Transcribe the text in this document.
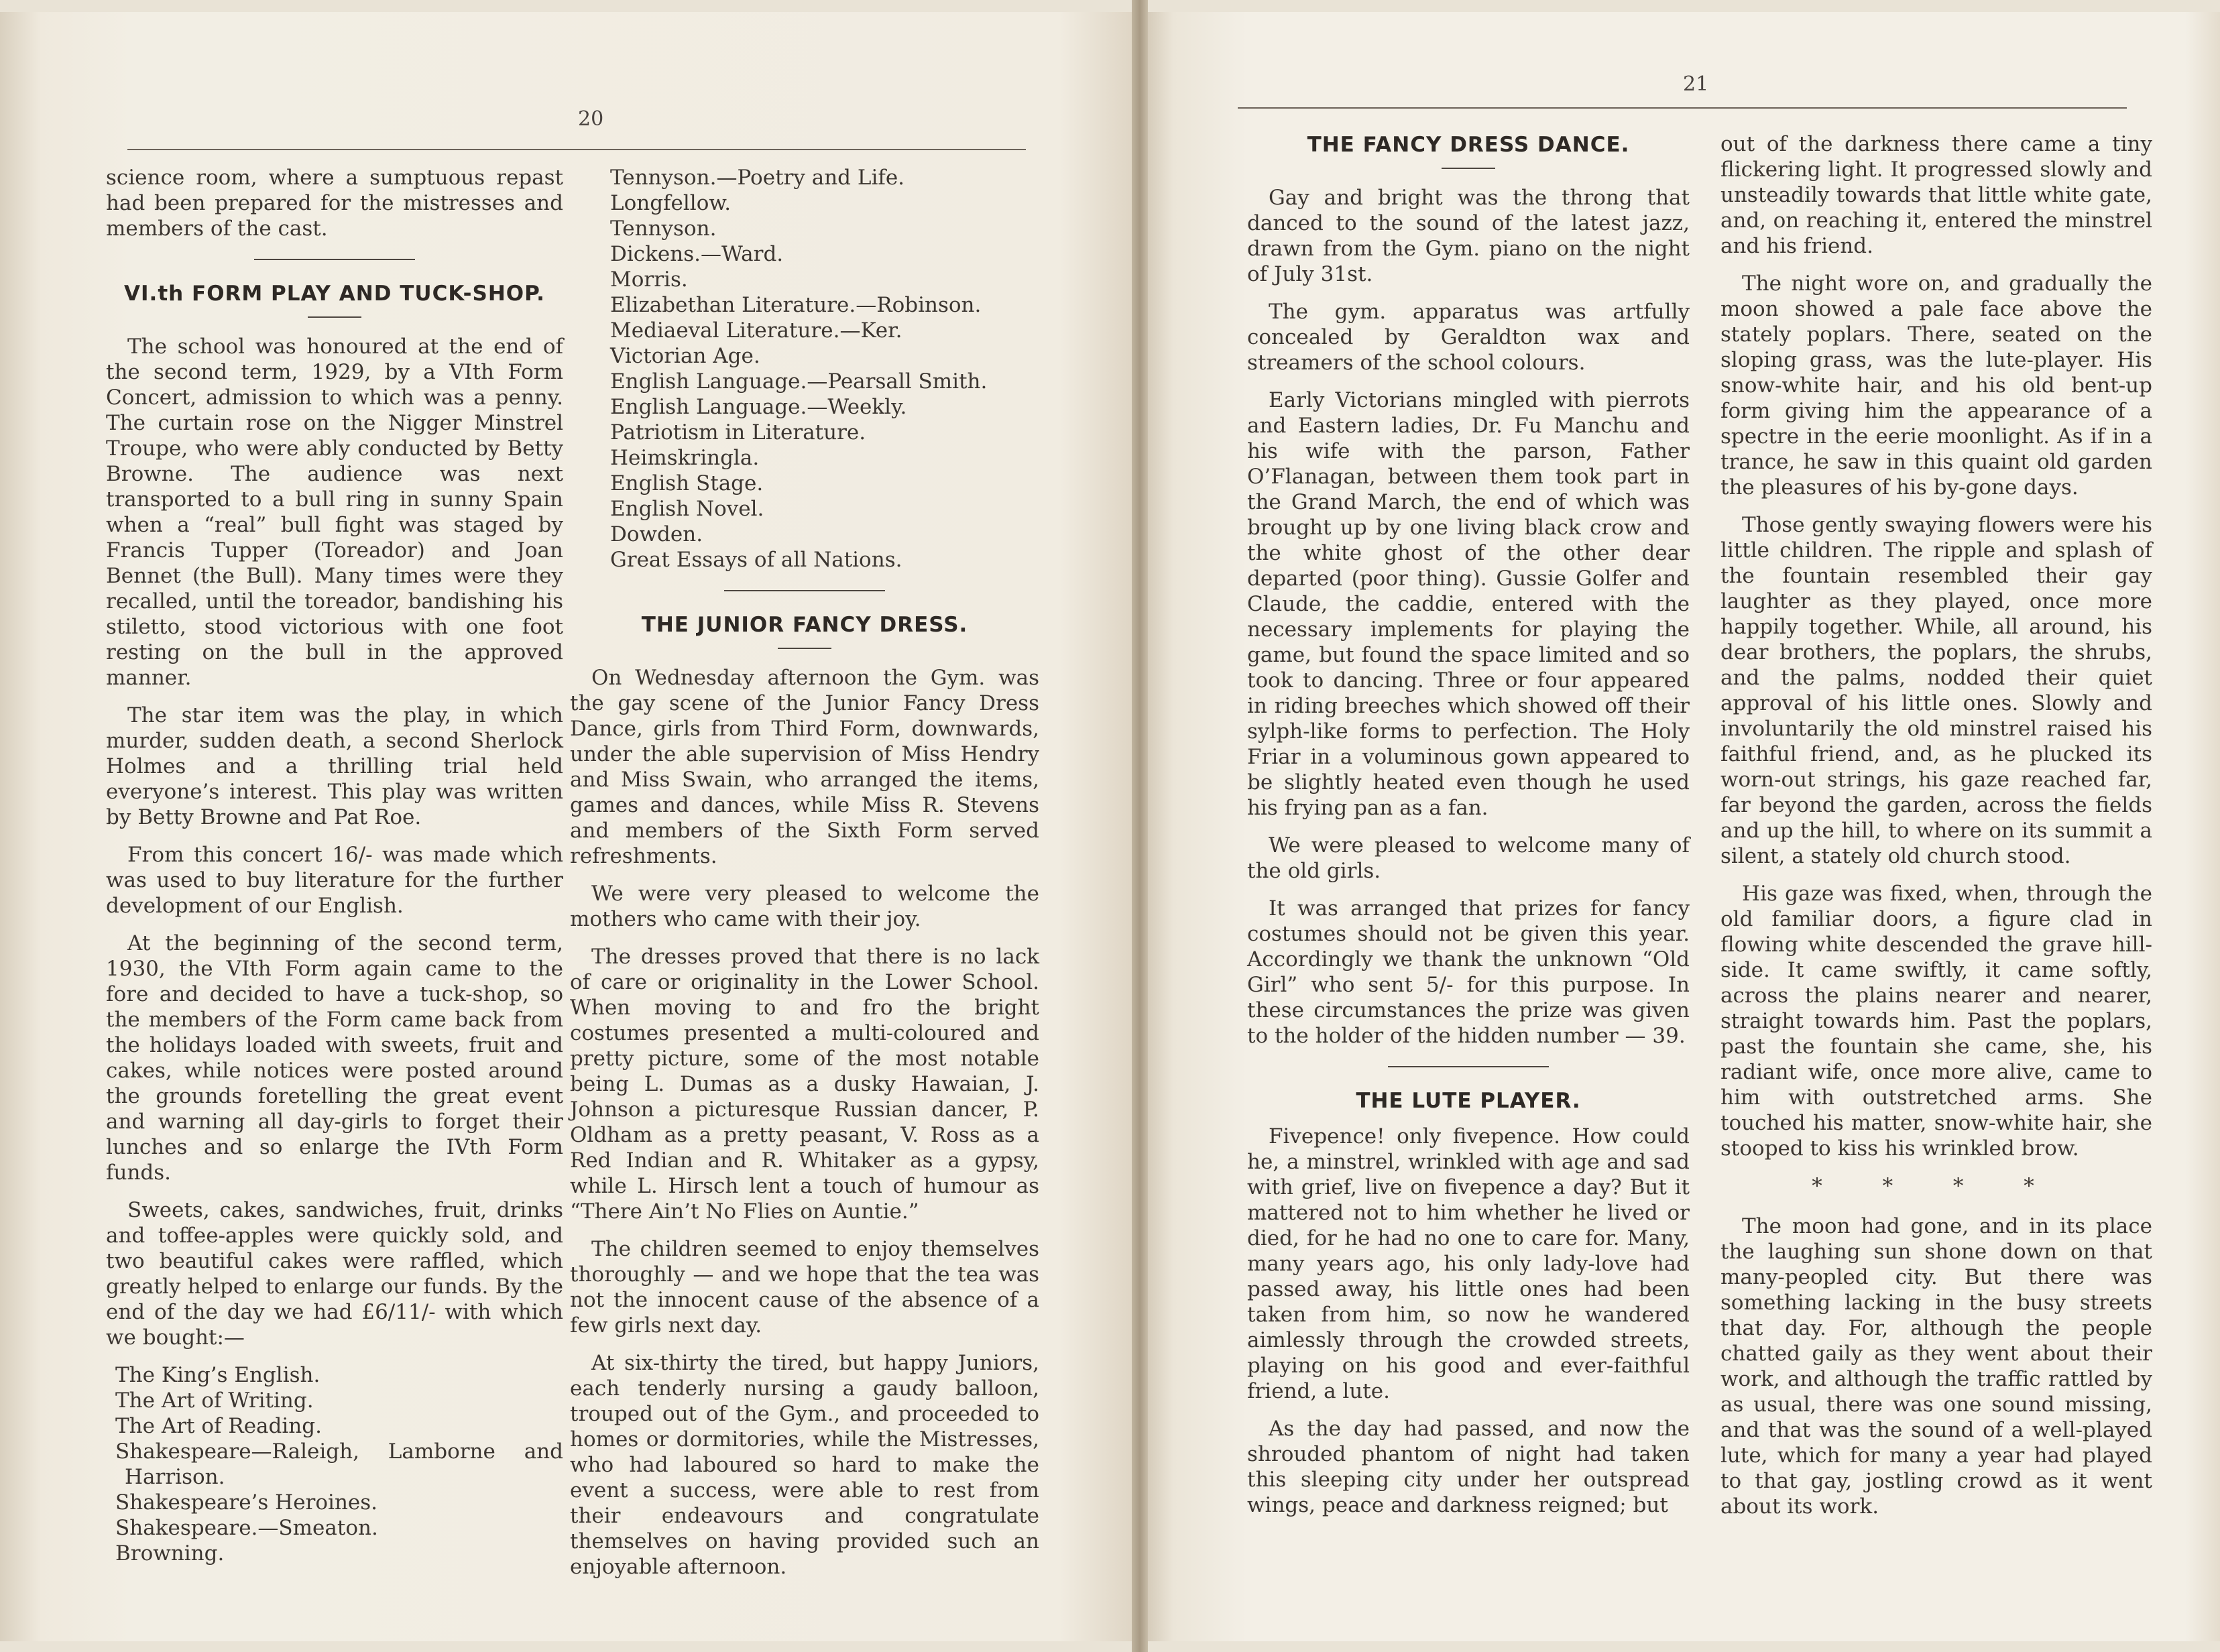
20

science room, where a sumptuous repast had been prepared for the mistresses and members of the cast.

VI.th FORM PLAY AND TUCK-SHOP.

The school was honoured at the end of the second term, 1929, by a VIth Form Concert, admission to which was a penny. The curtain rose on the Nigger Minstrel Troupe, who were ably conducted by Betty Browne. The audience was next transported to a bull ring in sunny Spain when a “real” bull fight was staged by Francis Tupper (Toreador) and Joan Bennet (the Bull). Many times were they recalled, until the toreador, bandishing his stiletto, stood victorious with one foot resting on the bull in the approved manner.

The star item was the play, in which murder, sudden death, a second Sherlock Holmes and a thrilling trial held everyone’s interest. This play was written by Betty Browne and Pat Roe.

From this concert 16/- was made which was used to buy literature for the further development of our English.

At the beginning of the second term, 1930, the VIth Form again came to the fore and decided to have a tuck-shop, so the members of the Form came back from the holidays loaded with sweets, fruit and cakes, while notices were posted around the grounds foretelling the great event and warning all day-girls to forget their lunches and so enlarge the IVth Form funds.

Sweets, cakes, sandwiches, fruit, drinks and toffee-apples were quickly sold, and two beautiful cakes were raffled, which greatly helped to enlarge our funds. By the end of the day we had £6/11/- with which we bought:—

The King’s English.
The Art of Writing.
The Art of Reading.
Shakespeare—Raleigh, Lamborne and Harrison.
Shakespeare’s Heroines.
Shakespeare.—Smeaton.
Browning.
Tennyson.—Poetry and Life.
Longfellow.
Tennyson.
Dickens.—Ward.
Morris.
Elizabethan Literature.—Robinson.
Mediaeval Literature.—Ker.
Victorian Age.
English Language.—Pearsall Smith.
English Language.—Weekly.
Patriotism in Literature.
Heimskringla.
English Stage.
English Novel.
Dowden.
Great Essays of all Nations.
THE JUNIOR FANCY DRESS.

On Wednesday afternoon the Gym. was the gay scene of the Junior Fancy Dress Dance, girls from Third Form, downwards, under the able supervision of Miss Hendry and Miss Swain, who arranged the items, games and dances, while Miss R. Stevens and members of the Sixth Form served refreshments.

We were very pleased to welcome the mothers who came with their joy.

The dresses proved that there is no lack of care or originality in the Lower School. When moving to and fro the bright costumes presented a multi-coloured and pretty picture, some of the most notable being L. Dumas as a dusky Hawaian, J. Johnson a picturesque Russian dancer, P. Oldham as a pretty peasant, V. Ross as a Red Indian and R. Whitaker as a gypsy, while L. Hirsch lent a touch of humour as “There Ain’t No Flies on Auntie.”

The children seemed to enjoy themselves thoroughly — and we hope that the tea was not the innocent cause of the absence of a few girls next day.

At six-thirty the tired, but happy Juniors, each tenderly nursing a gaudy balloon, trouped out of the Gym., and proceeded to homes or dormitories, while the Mistresses, who had laboured so hard to make the event a success, were able to rest from their endeavours and congratulate themselves on having provided such an enjoyable afternoon.

21
THE FANCY DRESS DANCE.

Gay and bright was the throng that danced to the sound of the latest jazz, drawn from the Gym. piano on the night of July 31st.

The gym. apparatus was artfully concealed by Geraldton wax and streamers of the school colours.

Early Victorians mingled with pierrots and Eastern ladies, Dr. Fu Manchu and his wife with the parson, Father O’Flanagan, between them took part in the Grand March, the end of which was brought up by one living black crow and the white ghost of the other dear departed (poor thing). Gussie Golfer and Claude, the caddie, entered with the necessary implements for playing the game, but found the space limited and so took to dancing. Three or four appeared in riding breeches which showed off their sylph-like forms to perfection. The Holy Friar in a voluminous gown appeared to be slightly heated even though he used his frying pan as a fan.

We were pleased to welcome many of the old girls.

It was arranged that prizes for fancy costumes should not be given this year. Accordingly we thank the unknown “Old Girl” who sent 5/- for this purpose. In these circumstances the prize was given to the holder of the hidden number — 39.

THE LUTE PLAYER.

Fivepence! only fivepence. How could he, a minstrel, wrinkled with age and sad with grief, live on fivepence a day? But it mattered not to him whether he lived or died, for he had no one to care for. Many, many years ago, his only lady-love had passed away, his little ones had been taken from him, so now he wandered aimlessly through the crowded streets, playing on his good and ever-faithful friend, a lute.

As the day had passed, and now the shrouded phantom of night had taken this sleeping city under her outspread wings, peace and darkness reigned; but

out of the darkness there came a tiny flickering light. It progressed slowly and unsteadily towards that little white gate, and, on reaching it, entered the minstrel and his friend.

The night wore on, and gradually the moon showed a pale face above the stately poplars. There, seated on the sloping grass, was the lute-player. His snow-white hair, and his old bent-up form giving him the appearance of a spectre in the eerie moonlight. As if in a trance, he saw in this quaint old garden the pleasures of his by-gone days.

Those gently swaying flowers were his little children. The ripple and splash of the fountain resembled their gay laughter as they played, once more happily together. While, all around, his dear brothers, the poplars, the shrubs, and the palms, nodded their quiet approval of his little ones. Slowly and involuntarily the old minstrel raised his faithful friend, and, as he plucked its worn-out strings, his gaze reached far, far beyond the garden, across the fields and up the hill, to where on its summit a silent, a stately old church stood.

His gaze was fixed, when, through the old familiar doors, a figure clad in flowing white descended the grave hill-side. It came swiftly, it came softly, across the plains nearer and nearer, straight towards him. Past the poplars, past the fountain she came, she, his radiant wife, once more alive, came to him with outstretched arms. She touched his matter, snow-white hair, she stooped to kiss his wrinkled brow.

* * * *

The moon had gone, and in its place the laughing sun shone down on that many-peopled city. But there was something lacking in the busy streets that day. For, although the people chatted gaily as they went about their work, and although the traffic rattled by as usual, there was one sound missing, and that was the sound of a well-played lute, which for many a year had played to that gay, jostling crowd as it went about its work.
